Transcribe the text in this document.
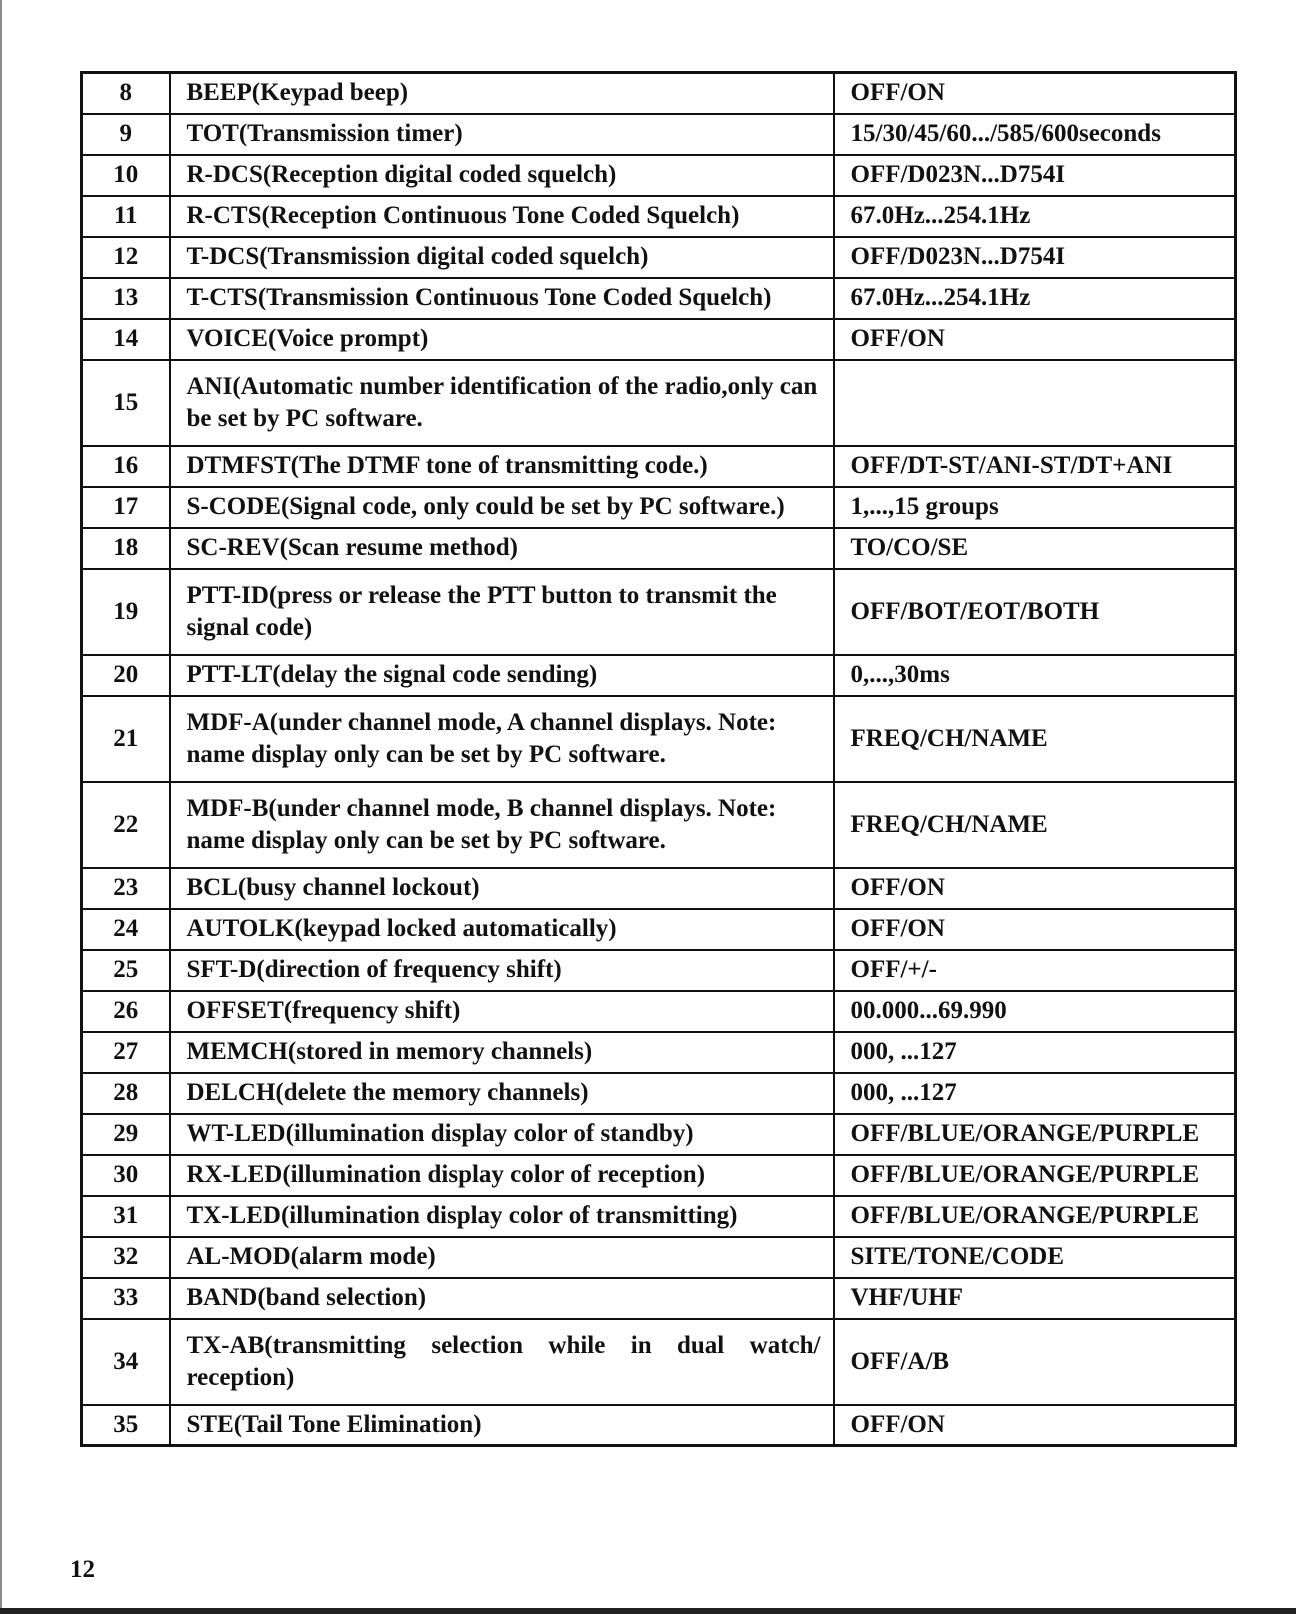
8	BEEP(Keypad beep)	OFF/ON
9	TOT(Transmission timer)	15/30/45/60.../585/600seconds
10	R-DCS(Reception digital coded squelch)	OFF/D023N...D754I
11	R-CTS(Reception Continuous Tone Coded Squelch)	67.0Hz...254.1Hz
12	T-DCS(Transmission digital coded squelch)	OFF/D023N...D754I
13	T-CTS(Transmission Continuous Tone Coded Squelch)	67.0Hz...254.1Hz
14	VOICE(Voice prompt)	OFF/ON
15	ANI(Automatic number identification of the radio,only can be set by PC software.	
16	DTMFST(The DTMF tone of transmitting code.)	OFF/DT-ST/ANI-ST/DT+ANI
17	S-CODE(Signal code, only could be set by PC software.)	1,...,15 groups
18	SC-REV(Scan resume method)	TO/CO/SE
19	PTT-ID(press or release the PTT button to transmit the signal code)	OFF/BOT/EOT/BOTH
20	PTT-LT(delay the signal code sending)	0,...,30ms
21	MDF-A(under channel mode, A channel displays. Note: name display only can be set by PC software.	FREQ/CH/NAME
22	MDF-B(under channel mode, B channel displays. Note: name display only can be set by PC software.	FREQ/CH/NAME
23	BCL(busy channel lockout)	OFF/ON
24	AUTOLK(keypad locked automatically)	OFF/ON
25	SFT-D(direction of frequency shift)	OFF/+/-
26	OFFSET(frequency shift)	00.000...69.990
27	MEMCH(stored in memory channels)	000, ...127
28	DELCH(delete the memory channels)	000, ...127
29	WT-LED(illumination display color of standby)	OFF/BLUE/ORANGE/PURPLE
30	RX-LED(illumination display color of reception)	OFF/BLUE/ORANGE/PURPLE
31	TX-LED(illumination display color of transmitting)	OFF/BLUE/ORANGE/PURPLE
32	AL-MOD(alarm mode)	SITE/TONE/CODE
33	BAND(band selection)	VHF/UHF
34	TX-AB(transmitting selection while in dual watch/ reception)	OFF/A/B
35	STE(Tail Tone Elimination)	OFF/ON
12
